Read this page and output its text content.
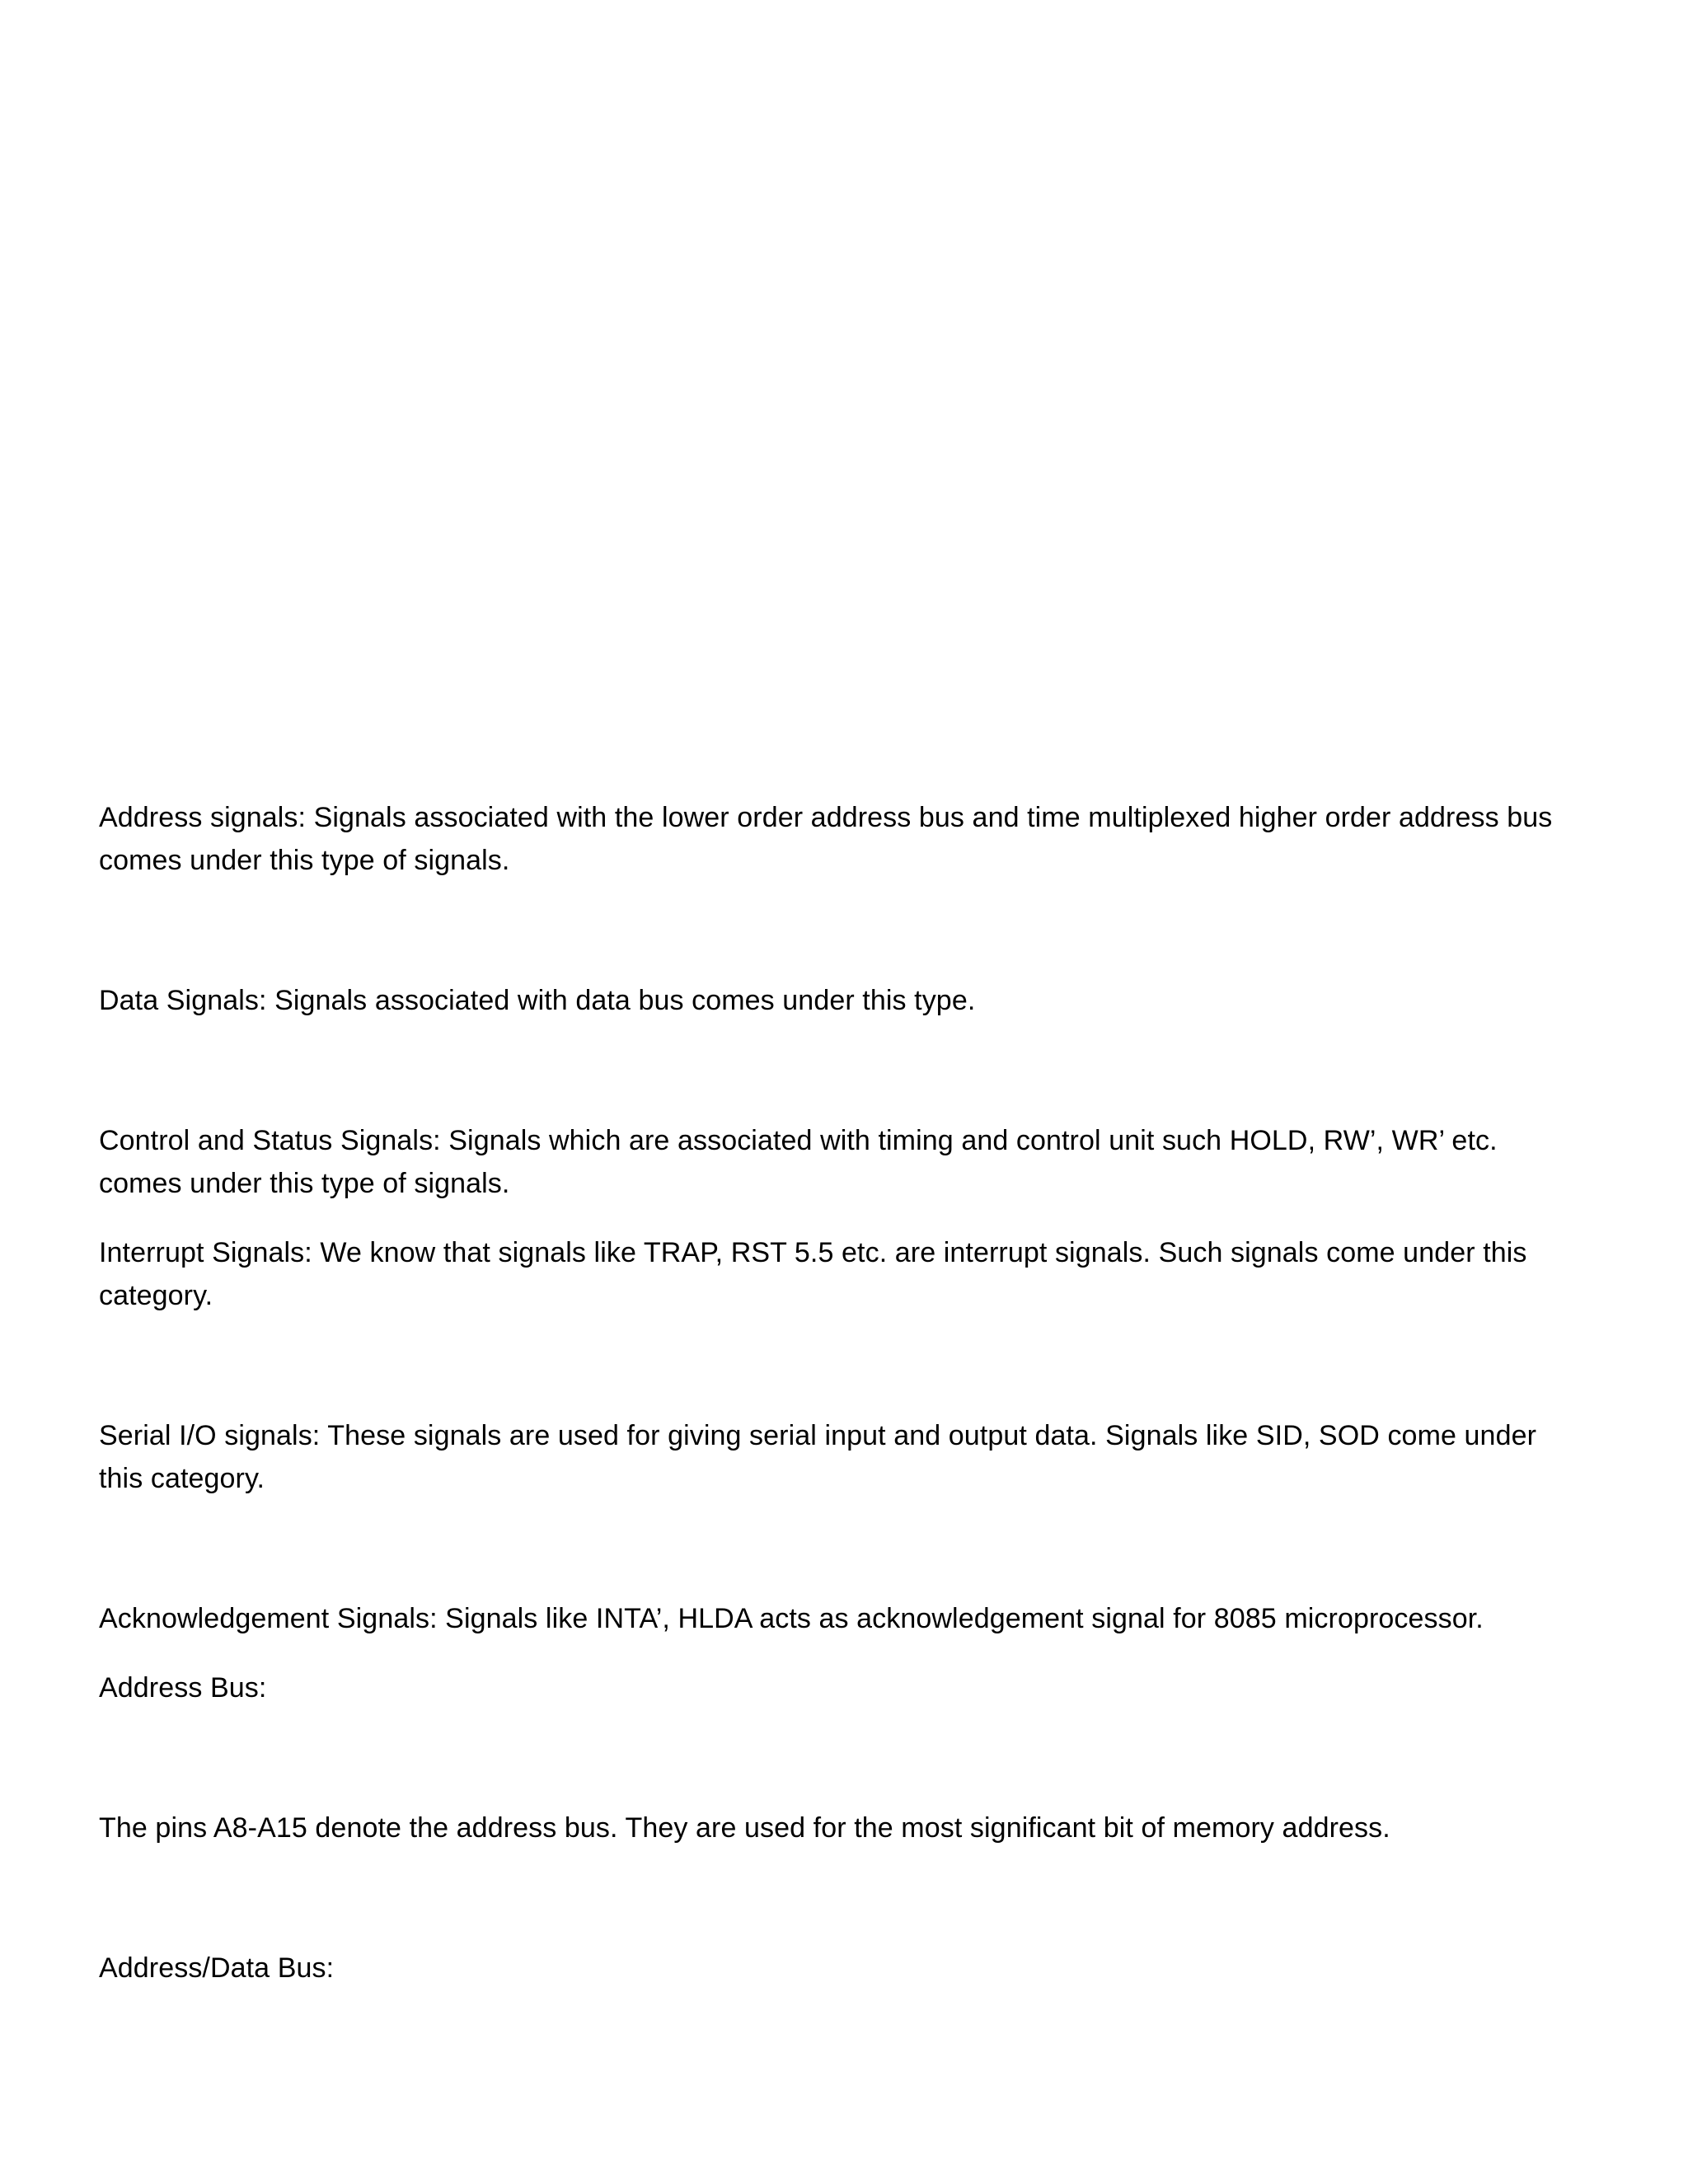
Address signals: Signals associated with the lower order address bus and time multiplexed higher order address bus comes under this type of signals.

Data Signals: Signals associated with data bus comes under this type.

Control and Status Signals: Signals which are associated with timing and control unit such HOLD, RW’, WR’ etc. comes under this type of signals.

Interrupt Signals: We know that signals like TRAP, RST 5.5 etc. are interrupt signals. Such signals come under this category.

Serial I/O signals: These signals are used for giving serial input and output data. Signals like SID, SOD come under this category.

Acknowledgement Signals: Signals like INTA’, HLDA acts as acknowledgement signal for 8085 microprocessor.

Address Bus:

The pins A8-A15 denote the address bus. They are used for the most significant bit of memory address.

Address/Data Bus:
